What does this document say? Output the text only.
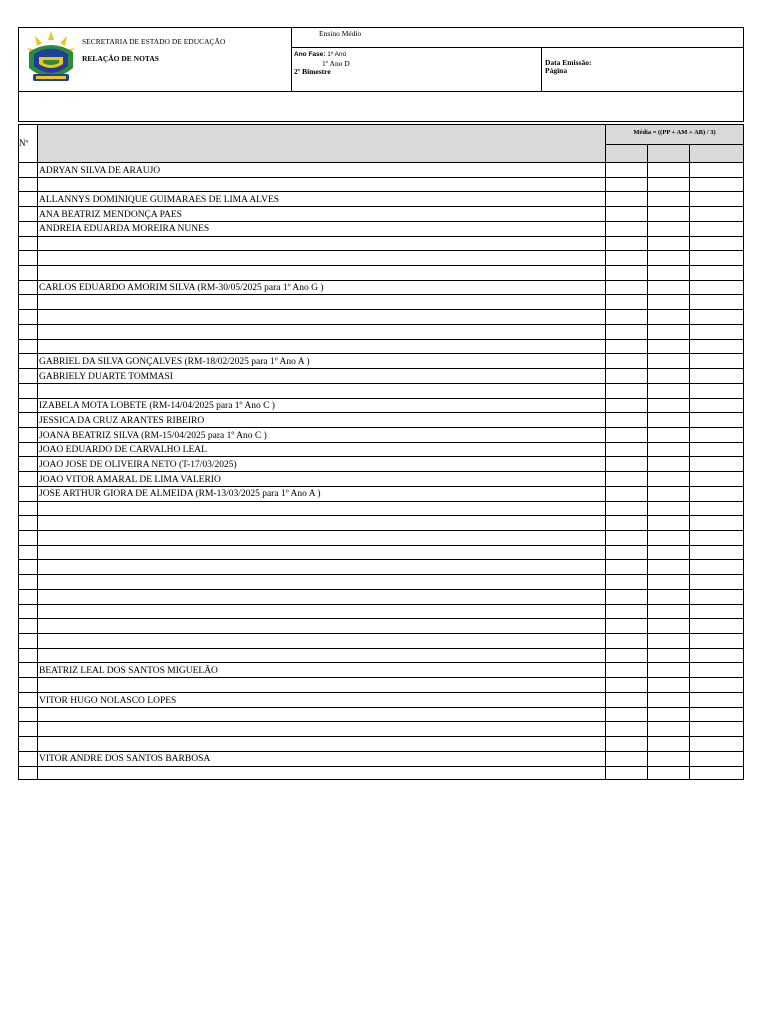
SECRETARIA DE ESTADO DE EDUCAÇÃO
RELAÇÃO DE NOTAS
Ensino Médio
Ano Fase: 1º Ano
1º Ano D
2º Bimestre
Data Emissão:
Página
Nº
Média = ((PP + AM + AB) / 3)
ADRYAN SILVA DE ARAUJO
ALLANNYS DOMINIQUE GUIMARAES DE LIMA ALVES
ANA BEATRIZ MENDONÇA PAES
ANDREIA EDUARDA MOREIRA NUNES
CARLOS EDUARDO AMORIM SILVA (RM-30/05/2025 para 1º Ano G )
GABRIEL DA SILVA GONÇALVES (RM-18/02/2025 para 1º Ano A )
GABRIELY DUARTE TOMMASI
IZABELA MOTA LOBETE (RM-14/04/2025 para 1º Ano C )
JESSICA DA CRUZ ARANTES RIBEIRO
JOANA BEATRIZ SILVA (RM-15/04/2025 para 1º Ano C )
JOAO EDUARDO DE CARVALHO LEAL
JOAO JOSE DE OLIVEIRA NETO (T-17/03/2025)
JOAO VITOR AMARAL DE LIMA VALERIO
JOSE ARTHUR GIORA DE ALMEIDA (RM-13/03/2025 para 1º Ano A )
BEATRIZ LEAL DOS SANTOS MIGUELÃO
VITOR HUGO NOLASCO LOPES
VITOR ANDRE DOS SANTOS BARBOSA
